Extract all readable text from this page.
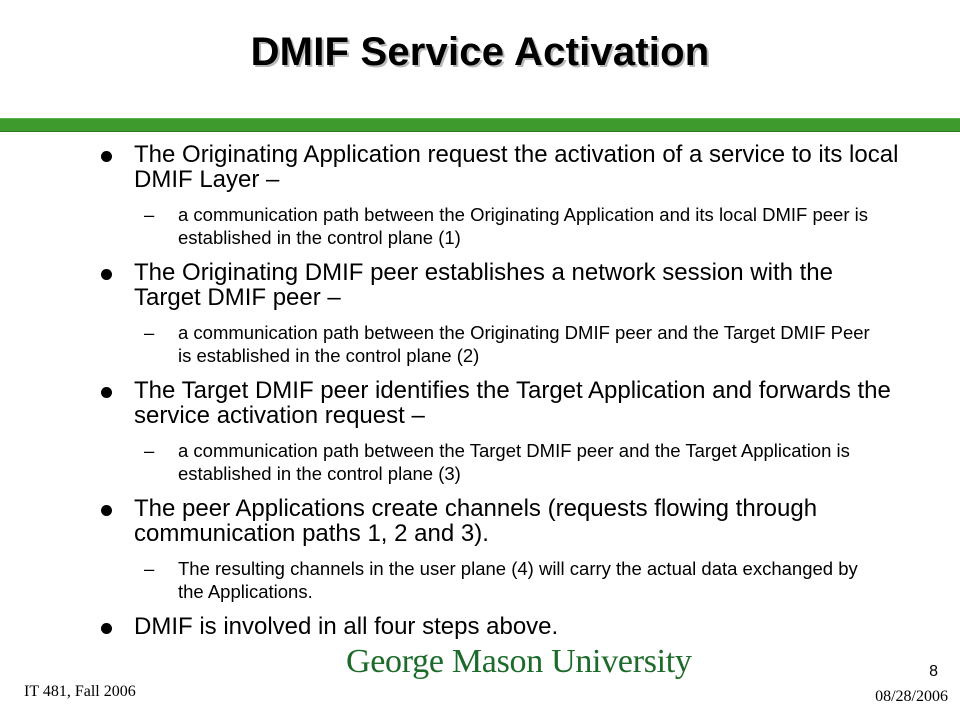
DMIF Service Activation
The Originating Application request the activation of a service to its local DMIF Layer –
– a communication path between the Originating Application and its local DMIF peer is established in the control plane (1)
The Originating DMIF peer establishes a network session with the Target DMIF peer –
– a communication path between the Originating DMIF peer and the Target DMIF Peer is established in the control plane (2)
The Target DMIF peer identifies the Target Application and forwards the service activation request –
– a communication path between the Target DMIF peer and the Target Application is established in the control plane (3)
The peer Applications create channels (requests flowing through communication paths 1, 2 and 3).
– The resulting channels in the user plane (4) will carry the actual data exchanged by the Applications.
DMIF is involved in all four steps above.
IT 481, Fall 2006
George Mason University	8
08/28/2006
